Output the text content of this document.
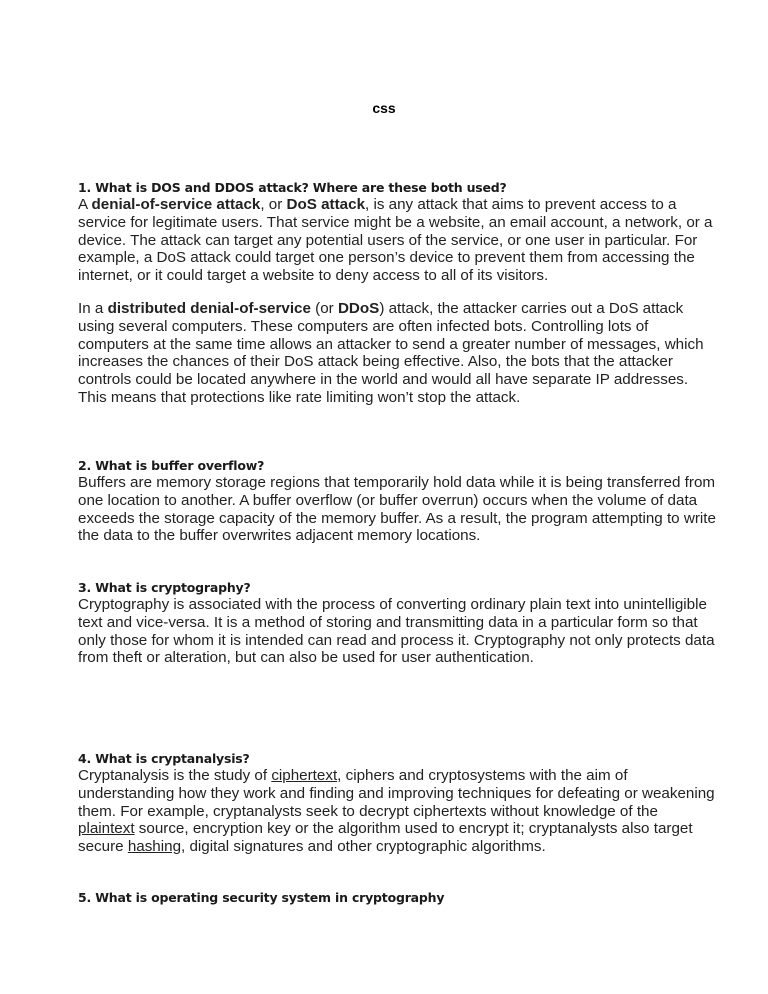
css
1. What is DOS and DDOS attack? Where are these both used?

A denial-of-service attack, or DoS attack, is any attack that aims to prevent access to a service for legitimate users. That service might be a website, an email account, a network, or a device. The attack can target any potential users of the service, or one user in particular. For example, a DoS attack could target one person’s device to prevent them from accessing the internet, or it could target a website to deny access to all of its visitors.

In a distributed denial-of-service (or DDoS) attack, the attacker carries out a DoS attack using several computers. These computers are often infected bots. Controlling lots of computers at the same time allows an attacker to send a greater number of messages, which increases the chances of their DoS attack being effective. Also, the bots that the attacker controls could be located anywhere in the world and would all have separate IP addresses. This means that protections like rate limiting won’t stop the attack.

2. What is buffer overflow?

Buffers are memory storage regions that temporarily hold data while it is being transferred from one location to another. A buffer overflow (or buffer overrun) occurs when the volume of data exceeds the storage capacity of the memory buffer. As a result, the program attempting to write the data to the buffer overwrites adjacent memory locations.

3. What is cryptography?

Cryptography is associated with the process of converting ordinary plain text into unintelligible text and vice-versa. It is a method of storing and transmitting data in a particular form so that only those for whom it is intended can read and process it. Cryptography not only protects data from theft or alteration, but can also be used for user authentication.

4. What is cryptanalysis?

Cryptanalysis is the study of ciphertext, ciphers and cryptosystems with the aim of understanding how they work and finding and improving techniques for defeating or weakening them. For example, cryptanalysts seek to decrypt ciphertexts without knowledge of the plaintext source, encryption key or the algorithm used to encrypt it; cryptanalysts also target secure hashing, digital signatures and other cryptographic algorithms.

5. What is operating security system in cryptography
